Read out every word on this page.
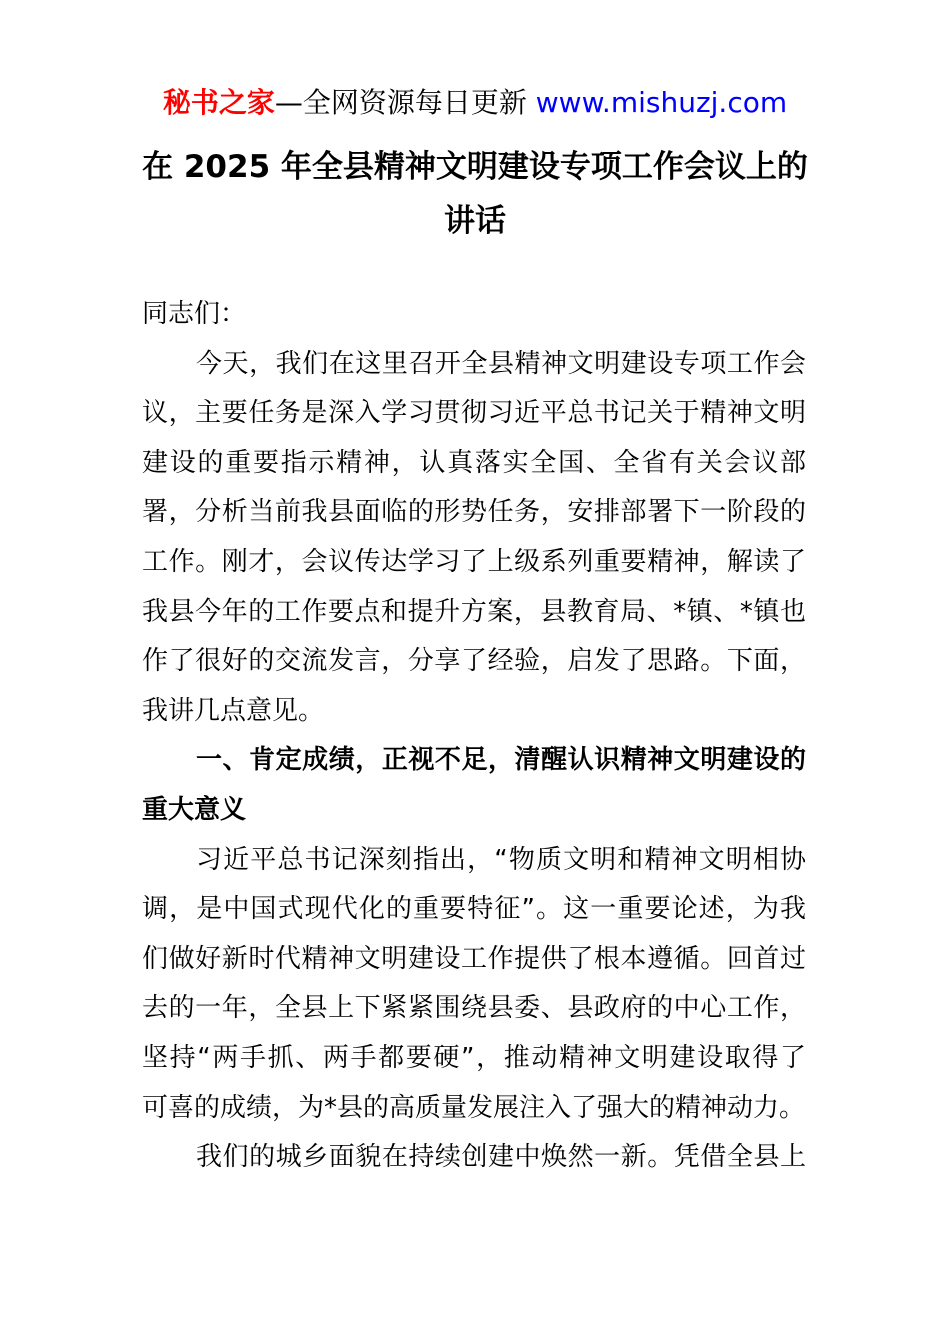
秘书之家—全网资源每日更新 www.mishuzj.com
在 2025 年全县精神文明建设专项工作会议上的
讲话

同志们：

今天，我们在这里召开全县精神文明建设专项工作会
议，主要任务是深入学习贯彻习近平总书记关于精神文明
建设的重要指示精神，认真落实全国、全省有关会议部
署，分析当前我县面临的形势任务，安排部署下一阶段的
工作。刚才，会议传达学习了上级系列重要精神，解读了
我县今年的工作要点和提升方案，县教育局、*镇、*镇也
作了很好的交流发言，分享了经验，启发了思路。下面，
我讲几点意见。

一、肯定成绩，正视不足，清醒认识精神文明建设的
重大意义

习近平总书记深刻指出，“物质文明和精神文明相协
调，是中国式现代化的重要特征”。这一重要论述，为我
们做好新时代精神文明建设工作提供了根本遵循。回首过
去的一年，全县上下紧紧围绕县委、县政府的中心工作，
坚持“两手抓、两手都要硬”，推动精神文明建设取得了
可喜的成绩，为*县的高质量发展注入了强大的精神动力。

我们的城乡面貌在持续创建中焕然一新。凭借全县上
